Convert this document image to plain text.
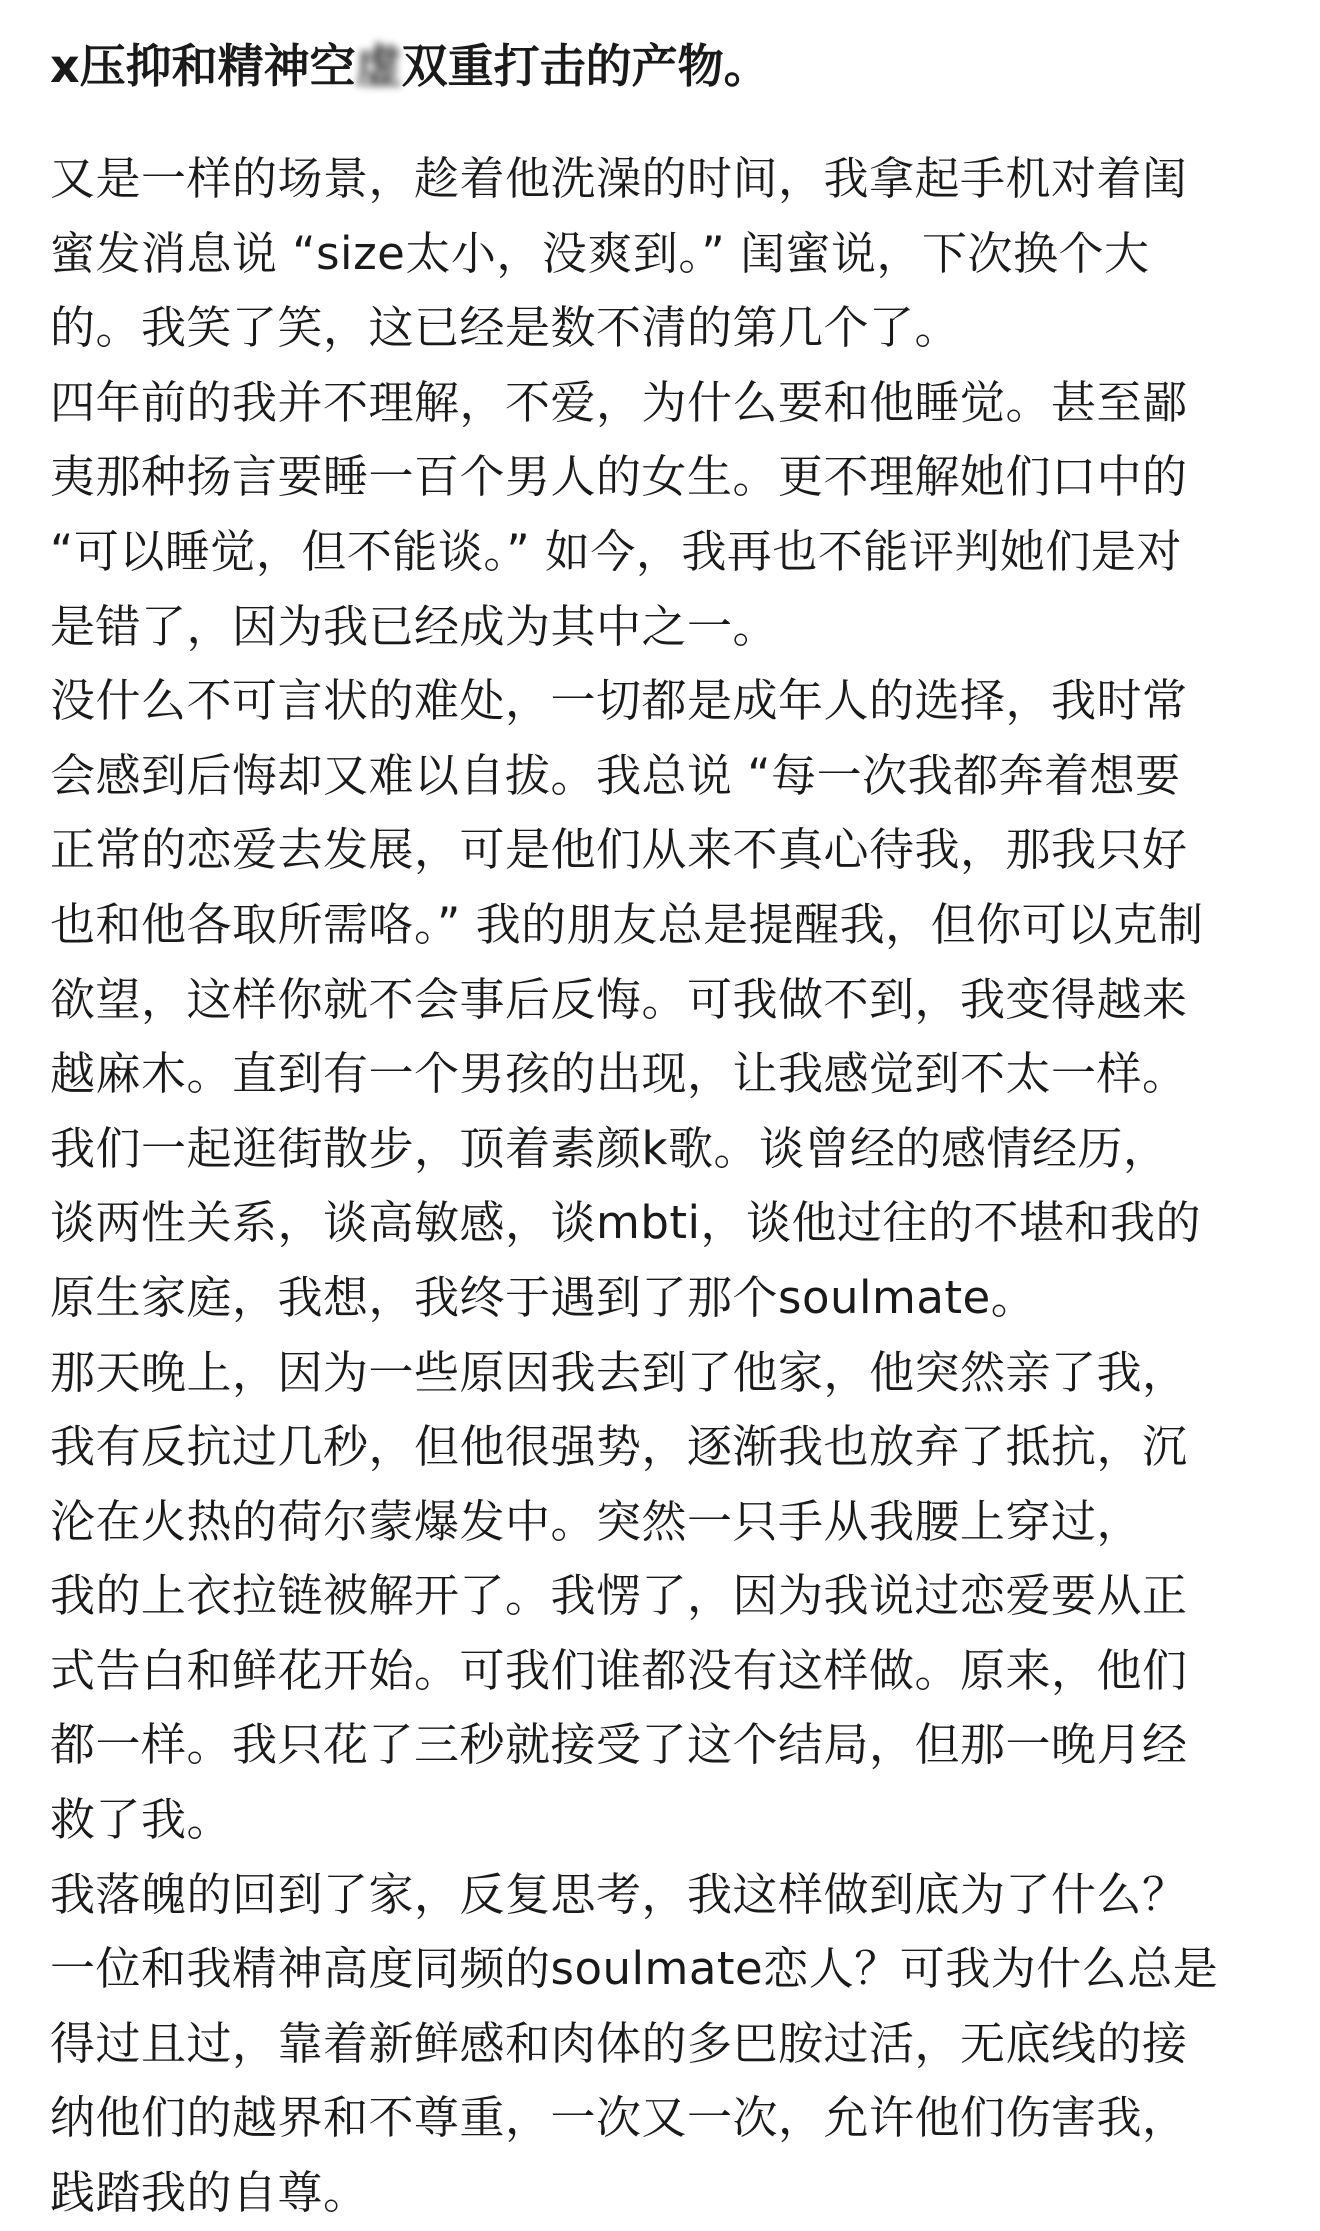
x压抑和精神空虚双重打击的产物。
又是一样的场景，趁着他洗澡的时间，我拿起手机对着闺
蜜发消息说 “size太小，没爽到。” 闺蜜说，下次换个大
的。我笑了笑，这已经是数不清的第几个了。
四年前的我并不理解，不爱，为什么要和他睡觉。甚至鄙
夷那种扬言要睡一百个男人的女生。更不理解她们口中的
“可以睡觉，但不能谈。” 如今，我再也不能评判她们是对
是错了，因为我已经成为其中之一。
没什么不可言状的难处，一切都是成年人的选择，我时常
会感到后悔却又难以自拔。我总说 “每一次我都奔着想要
正常的恋爱去发展，可是他们从来不真心待我，那我只好
也和他各取所需咯。” 我的朋友总是提醒我，但你可以克制
欲望，这样你就不会事后反悔。可我做不到，我变得越来
越麻木。直到有一个男孩的出现，让我感觉到不太一样。
我们一起逛街散步，顶着素颜k歌。谈曾经的感情经历，
谈两性关系，谈高敏感，谈mbti，谈他过往的不堪和我的
原生家庭，我想，我终于遇到了那个soulmate。
那天晚上，因为一些原因我去到了他家，他突然亲了我，
我有反抗过几秒，但他很强势，逐渐我也放弃了抵抗，沉
沦在火热的荷尔蒙爆发中。突然一只手从我腰上穿过，
我的上衣拉链被解开了。我愣了，因为我说过恋爱要从正
式告白和鲜花开始。可我们谁都没有这样做。原来，他们
都一样。我只花了三秒就接受了这个结局，但那一晚月经
救了我。
我落魄的回到了家，反复思考，我这样做到底为了什么？
一位和我精神高度同频的soulmate恋人？可我为什么总是
得过且过，靠着新鲜感和肉体的多巴胺过活，无底线的接
纳他们的越界和不尊重，一次又一次，允许他们伤害我，
践踏我的自尊。
